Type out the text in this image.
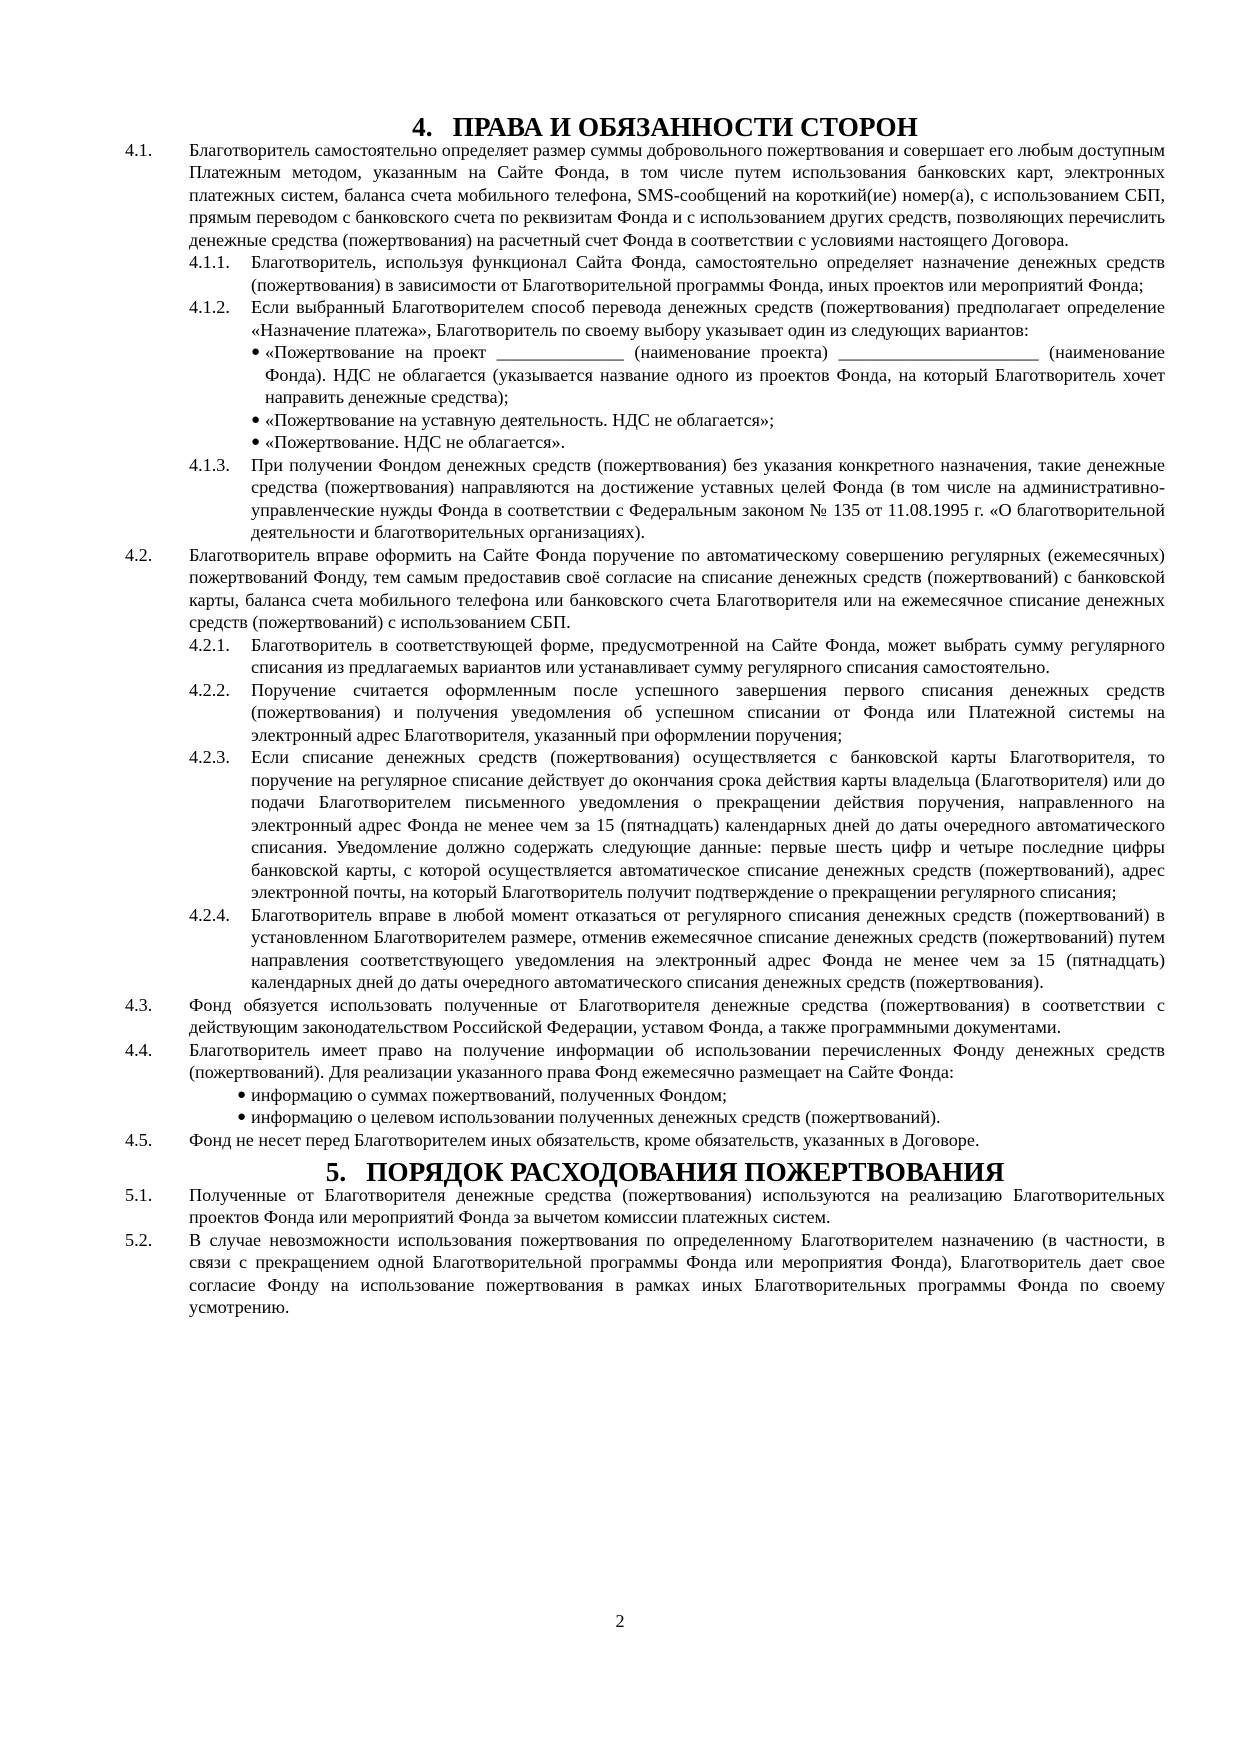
4. ПРАВА И ОБЯЗАННОСТИ СТОРОН

4.1. Благотворитель самостоятельно определяет размер суммы добровольного пожертвования и совершает его любым доступным Платежным методом, указанным на Сайте Фонда, в том числе путем использования банковских карт, электронных платежных систем, баланса счета мобильного телефона, SMS-сообщений на короткий(ие) номер(а), с использованием СБП, прямым переводом с банковского счета по реквизитам Фонда и с использованием других средств, позволяющих перечислить денежные средства (пожертвования) на расчетный счет Фонда в соответствии с условиями настоящего Договора.

4.1.1. Благотворитель, используя функционал Сайта Фонда, самостоятельно определяет назначение денежных средств (пожертвования) в зависимости от Благотворительной программы Фонда, иных проектов или мероприятий Фонда;

4.1.2. Если выбранный Благотворителем способ перевода денежных средств (пожертвования) предполагает определение «Назначение платежа», Благотворитель по своему выбору указывает один из следующих вариантов:

● «Пожертвование на проект ______________ (наименование проекта) ______________________ (наименование Фонда). НДС не облагается (указывается название одного из проектов Фонда, на который Благотворитель хочет направить денежные средства);
● «Пожертвование на уставную деятельность. НДС не облагается»;
● «Пожертвование. НДС не облагается».

4.1.3. При получении Фондом денежных средств (пожертвования) без указания конкретного назначения, такие денежные средства (пожертвования) направляются на достижение уставных целей Фонда (в том числе на административно-управленческие нужды Фонда в соответствии с Федеральным законом № 135 от 11.08.1995 г. «О благотворительной деятельности и благотворительных организациях).

4.2. Благотворитель вправе оформить на Сайте Фонда поручение по автоматическому совершению регулярных (ежемесячных) пожертвований Фонду, тем самым предоставив своё согласие на списание денежных средств (пожертвований) с банковской карты, баланса счета мобильного телефона или банковского счета Благотворителя или на ежемесячное списание денежных средств (пожертвований) с использованием СБП.

4.2.1. Благотворитель в соответствующей форме, предусмотренной на Сайте Фонда, может выбрать сумму регулярного списания из предлагаемых вариантов или устанавливает сумму регулярного списания самостоятельно.

4.2.2. Поручение считается оформленным после успешного завершения первого списания денежных средств (пожертвования) и получения уведомления об успешном списании от Фонда или Платежной системы на электронный адрес Благотворителя, указанный при оформлении поручения;

4.2.3. Если списание денежных средств (пожертвования) осуществляется с банковской карты Благотворителя, то поручение на регулярное списание действует до окончания срока действия карты владельца (Благотворителя) или до подачи Благотворителем письменного уведомления о прекращении действия поручения, направленного на электронный адрес Фонда не менее чем за 15 (пятнадцать) календарных дней до даты очередного автоматического списания. Уведомление должно содержать следующие данные: первые шесть цифр и четыре последние цифры банковской карты, с которой осуществляется автоматическое списание денежных средств (пожертвований), адрес электронной почты, на который Благотворитель получит подтверждение о прекращении регулярного списания;

4.2.4. Благотворитель вправе в любой момент отказаться от регулярного списания денежных средств (пожертвований) в установленном Благотворителем размере, отменив ежемесячное списание денежных средств (пожертвований) путем направления соответствующего уведомления на электронный адрес Фонда не менее чем за 15 (пятнадцать) календарных дней до даты очередного автоматического списания денежных средств (пожертвования).

4.3. Фонд обязуется использовать полученные от Благотворителя денежные средства (пожертвования) в соответствии с действующим законодательством Российской Федерации, уставом Фонда, а также программными документами.

4.4. Благотворитель имеет право на получение информации об использовании перечисленных Фонду денежных средств (пожертвований). Для реализации указанного права Фонд ежемесячно размещает на Сайте Фонда:

● информацию о суммах пожертвований, полученных Фондом;
● информацию о целевом использовании полученных денежных средств (пожертвований).

4.5. Фонд не несет перед Благотворителем иных обязательств, кроме обязательств, указанных в Договоре.

5. ПОРЯДОК РАСХОДОВАНИЯ ПОЖЕРТВОВАНИЯ

5.1. Полученные от Благотворителя денежные средства (пожертвования) используются на реализацию Благотворительных проектов Фонда или мероприятий Фонда за вычетом комиссии платежных систем.

5.2. В случае невозможности использования пожертвования по определенному Благотворителем назначению (в частности, в связи с прекращением одной Благотворительной программы Фонда или мероприятия Фонда), Благотворитель дает свое согласие Фонду на использование пожертвования в рамках иных Благотворительных программы Фонда по своему усмотрению.

2
